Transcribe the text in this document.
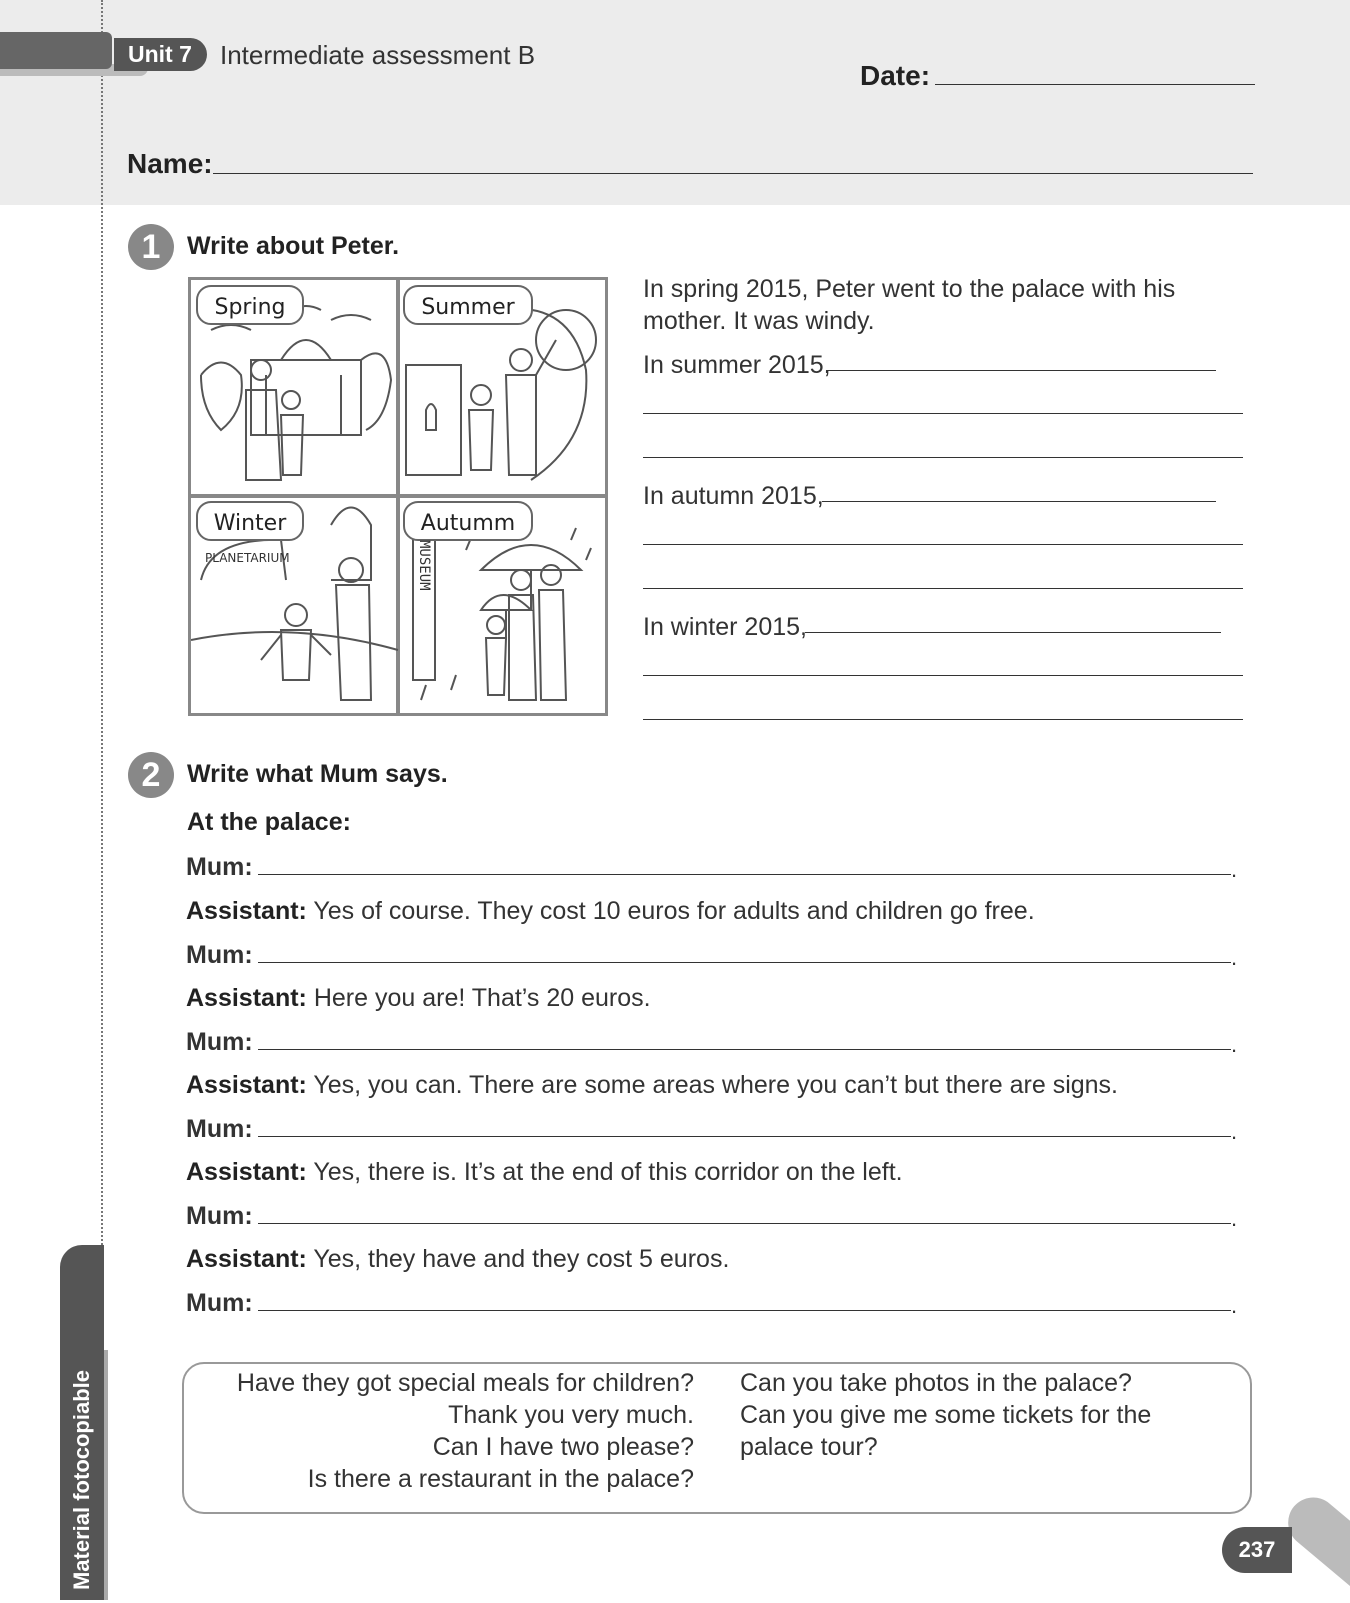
Unit 7	Intermediate assessment B
Date:
Name:
1	Write about Peter.
Spring	Summer
Winter	Autumm
PLANETARIUM	MUSEUM
In spring 2015, Peter went to the palace with his mother. It was windy.
In summer 2015,
In autumn 2015,
In winter 2015,
2	Write what Mum says.
At the palace:
Mum:	.
Assistant: Yes of course. They cost 10 euros for adults and children go free.
Mum:	.
Assistant: Here you are! That’s 20 euros.
Mum:	.
Assistant: Yes, you can. There are some areas where you can’t but there are signs.
Mum:	.
Assistant: Yes, there is. It’s at the end of this corridor on the left.
Mum:	.
Assistant: Yes, they have and they cost 5 euros.
Mum:	.
Have they got special meals for children?
Thank you very much.
Can I have two please?
Is there a restaurant in the palace?
Can you take photos in the palace?
Can you give me some tickets for the palace tour?
Material fotocopiable	237
